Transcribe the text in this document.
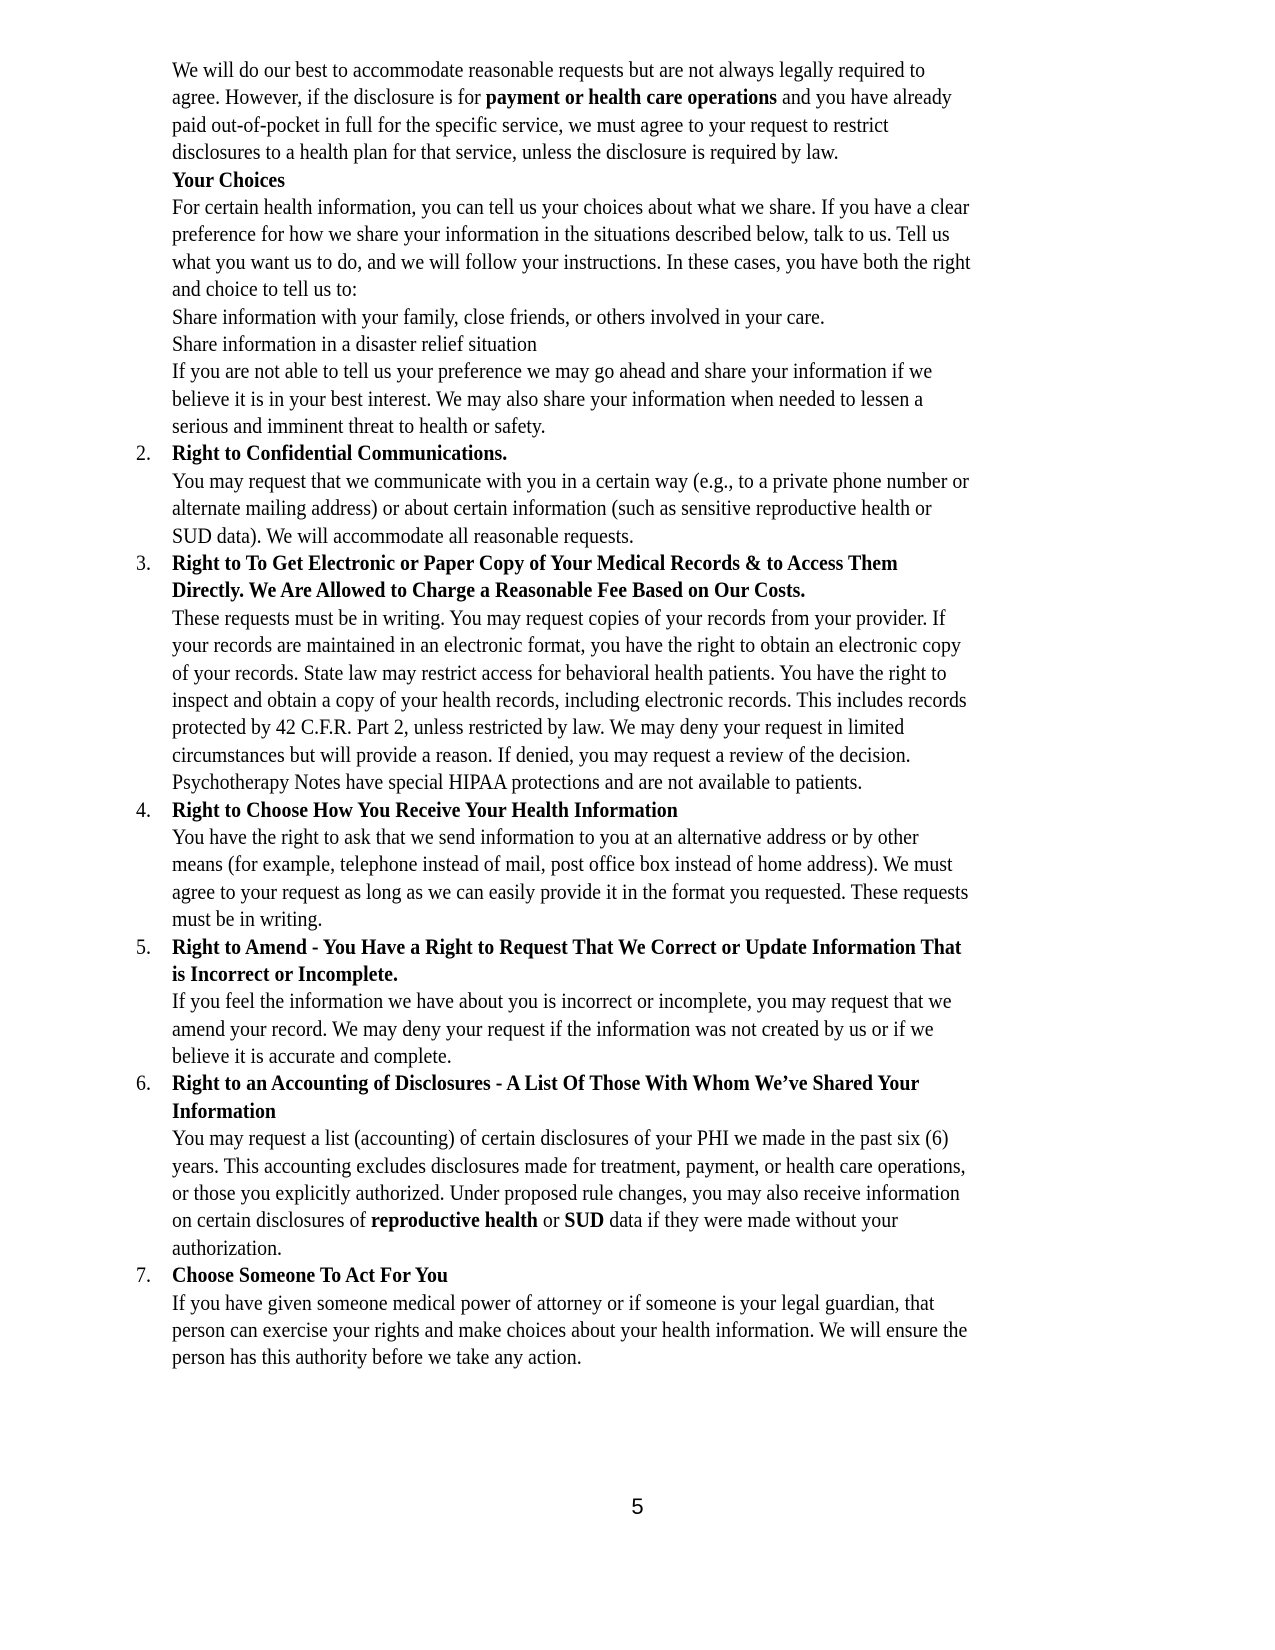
We will do our best to accommodate reasonable requests but are not always legally required to
agree. However, if the disclosure is for payment or health care operations and you have already
paid out-of-pocket in full for the specific service, we must agree to your request to restrict
disclosures to a health plan for that service, unless the disclosure is required by law.
Your Choices
For certain health information, you can tell us your choices about what we share. If you have a clear
preference for how we share your information in the situations described below, talk to us. Tell us
what you want us to do, and we will follow your instructions. In these cases, you have both the right
and choice to tell us to:
Share information with your family, close friends, or others involved in your care.
Share information in a disaster relief situation
If you are not able to tell us your preference we may go ahead and share your information if we
believe it is in your best interest. We may also share your information when needed to lessen a
serious and imminent threat to health or safety.
2. Right to Confidential Communications.
You may request that we communicate with you in a certain way (e.g., to a private phone number or
alternate mailing address) or about certain information (such as sensitive reproductive health or
SUD data). We will accommodate all reasonable requests.
3. Right to To Get Electronic or Paper Copy of Your Medical Records & to Access Them
Directly. We Are Allowed to Charge a Reasonable Fee Based on Our Costs.
These requests must be in writing. You may request copies of your records from your provider. If
your records are maintained in an electronic format, you have the right to obtain an electronic copy
of your records. State law may restrict access for behavioral health patients. You have the right to
inspect and obtain a copy of your health records, including electronic records. This includes records
protected by 42 C.F.R. Part 2, unless restricted by law. We may deny your request in limited
circumstances but will provide a reason. If denied, you may request a review of the decision.
Psychotherapy Notes have special HIPAA protections and are not available to patients.
4. Right to Choose How You Receive Your Health Information
You have the right to ask that we send information to you at an alternative address or by other
means (for example, telephone instead of mail, post office box instead of home address). We must
agree to your request as long as we can easily provide it in the format you requested. These requests
must be in writing.
5. Right to Amend - You Have a Right to Request That We Correct or Update Information That
is Incorrect or Incomplete.
If you feel the information we have about you is incorrect or incomplete, you may request that we
amend your record. We may deny your request if the information was not created by us or if we
believe it is accurate and complete.
6. Right to an Accounting of Disclosures - A List Of Those With Whom We’ve Shared Your
Information
You may request a list (accounting) of certain disclosures of your PHI we made in the past six (6)
years. This accounting excludes disclosures made for treatment, payment, or health care operations,
or those you explicitly authorized. Under proposed rule changes, you may also receive information
on certain disclosures of reproductive health or SUD data if they were made without your
authorization.
7. Choose Someone To Act For You
If you have given someone medical power of attorney or if someone is your legal guardian, that
person can exercise your rights and make choices about your health information. We will ensure the
person has this authority before we take any action.
5
